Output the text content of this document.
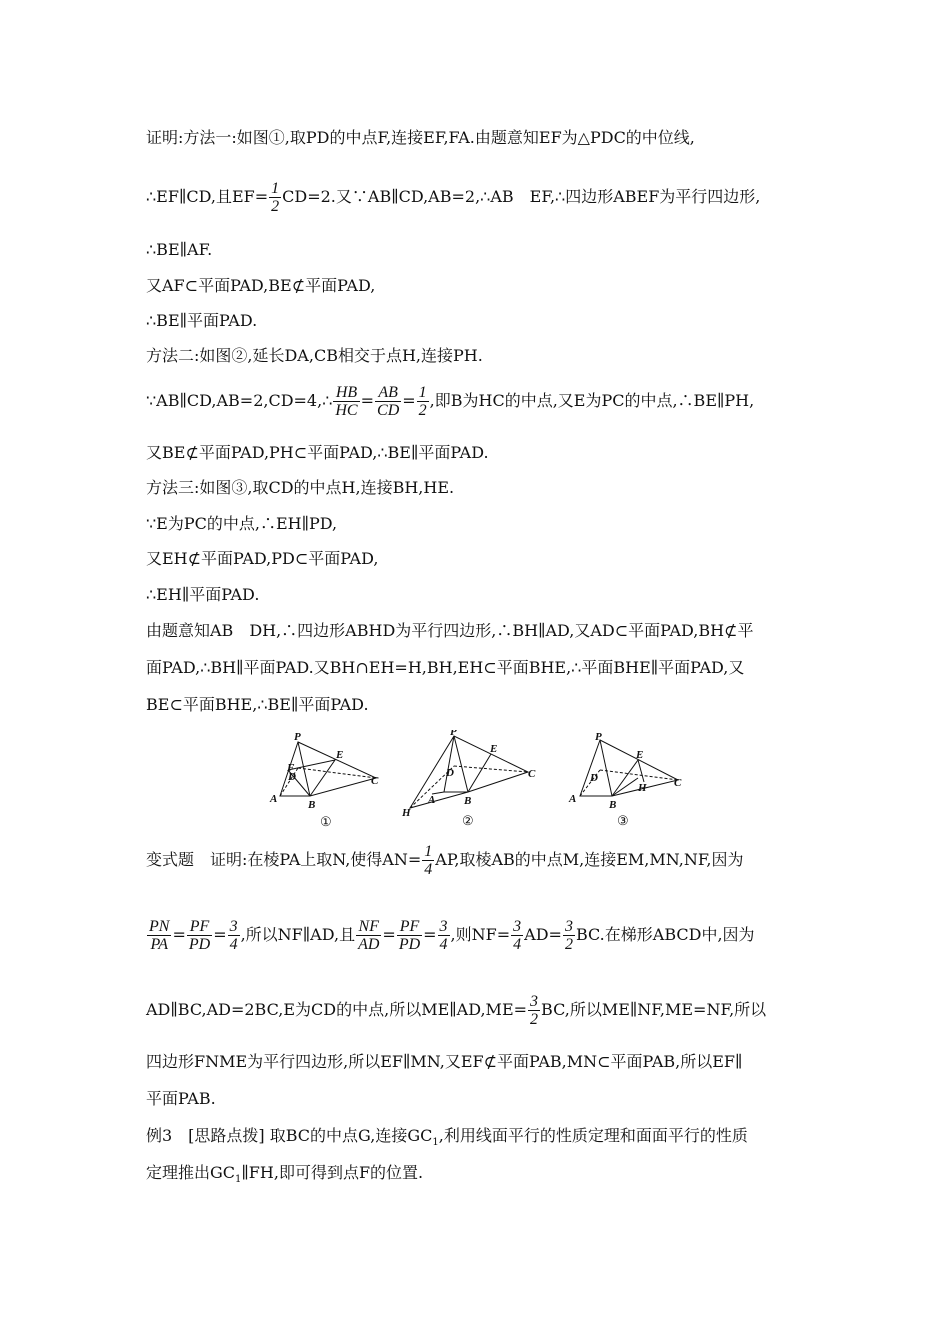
证明:方法一:如图①,取PD的中点F,连接EF,FA.由题意知EF为△PDC的中位线,
∴EF∥CD,且$EF= \frac{1}{2} CD=2$.又∵AB∥CD,AB=2,∴AB　EF,∴四边形ABEF为平行四边形,
∴BE∥AF.
又AF⊂平面PAD,BE⊄平面PAD,
∴BE∥平面PAD.
方法二:如图②,延长DA,CB相交于点H,连接PH.
∵AB∥CD,AB=2,CD=4,∴ $\frac{HB}{HC} = \frac{AB}{CD} = \frac{1}{2}$ ,即B为HC的中点,又E为PC的中点,∴BE∥PH,
又BE⊄平面PAD,PH⊂平面PAD,∴BE∥平面PAD.
方法三:如图③,取CD的中点H,连接BH,HE.
∵E为PC的中点,∴EH∥PD,
又EH⊄平面PAD,PD⊂平面PAD,
∴EH∥平面PAD.
由题意知AB　DH,∴四边形ABHD为平行四边形,∴BH∥AD,又AD⊂平面PAD,BH⊄平
面PAD,∴BH∥平面PAD.又BH∩EH=H,BH,EH⊂平面BHE,∴平面BHE∥平面PAD,又
BE⊂平面BHE,∴BE∥平面PAD.
P
E
F
D	C
A	B
①
P
E
D	C
A	B
H	②
P
E
D	C
A	B
H
③
变式题　证明:在棱PA上取N,使得$AN= \frac{1}{4}$ AP,取棱AB的中点M,连接EM,MN,NF,因为
$\frac{PN}{PA} = \frac{PF}{PD} = \frac{3}{4}$ ,所以NF∥AD,且 $\frac{NF}{AD} = \frac{PF}{PD} = \frac{3}{4}$ ,则$NF= \frac{3}{4} AD= \frac{3}{2}$ BC.在梯形ABCD中,因为
AD∥BC,AD=2BC,E为CD的中点,所以ME∥AD,ME= $\frac{3}{2}$ BC,所以ME∥NF,ME=NF,所以
四边形FNME为平行四边形,所以EF∥MN,又EF⊄平面PAB,MN⊂平面PAB,所以EF∥
平面PAB.
例3　[思路点拨] 取BC的中点G,连接$GC_1$,利用线面平行的性质定理和面面平行的性质
定理推出$GC_1\parallel FH$,即可得到点F的位置.
